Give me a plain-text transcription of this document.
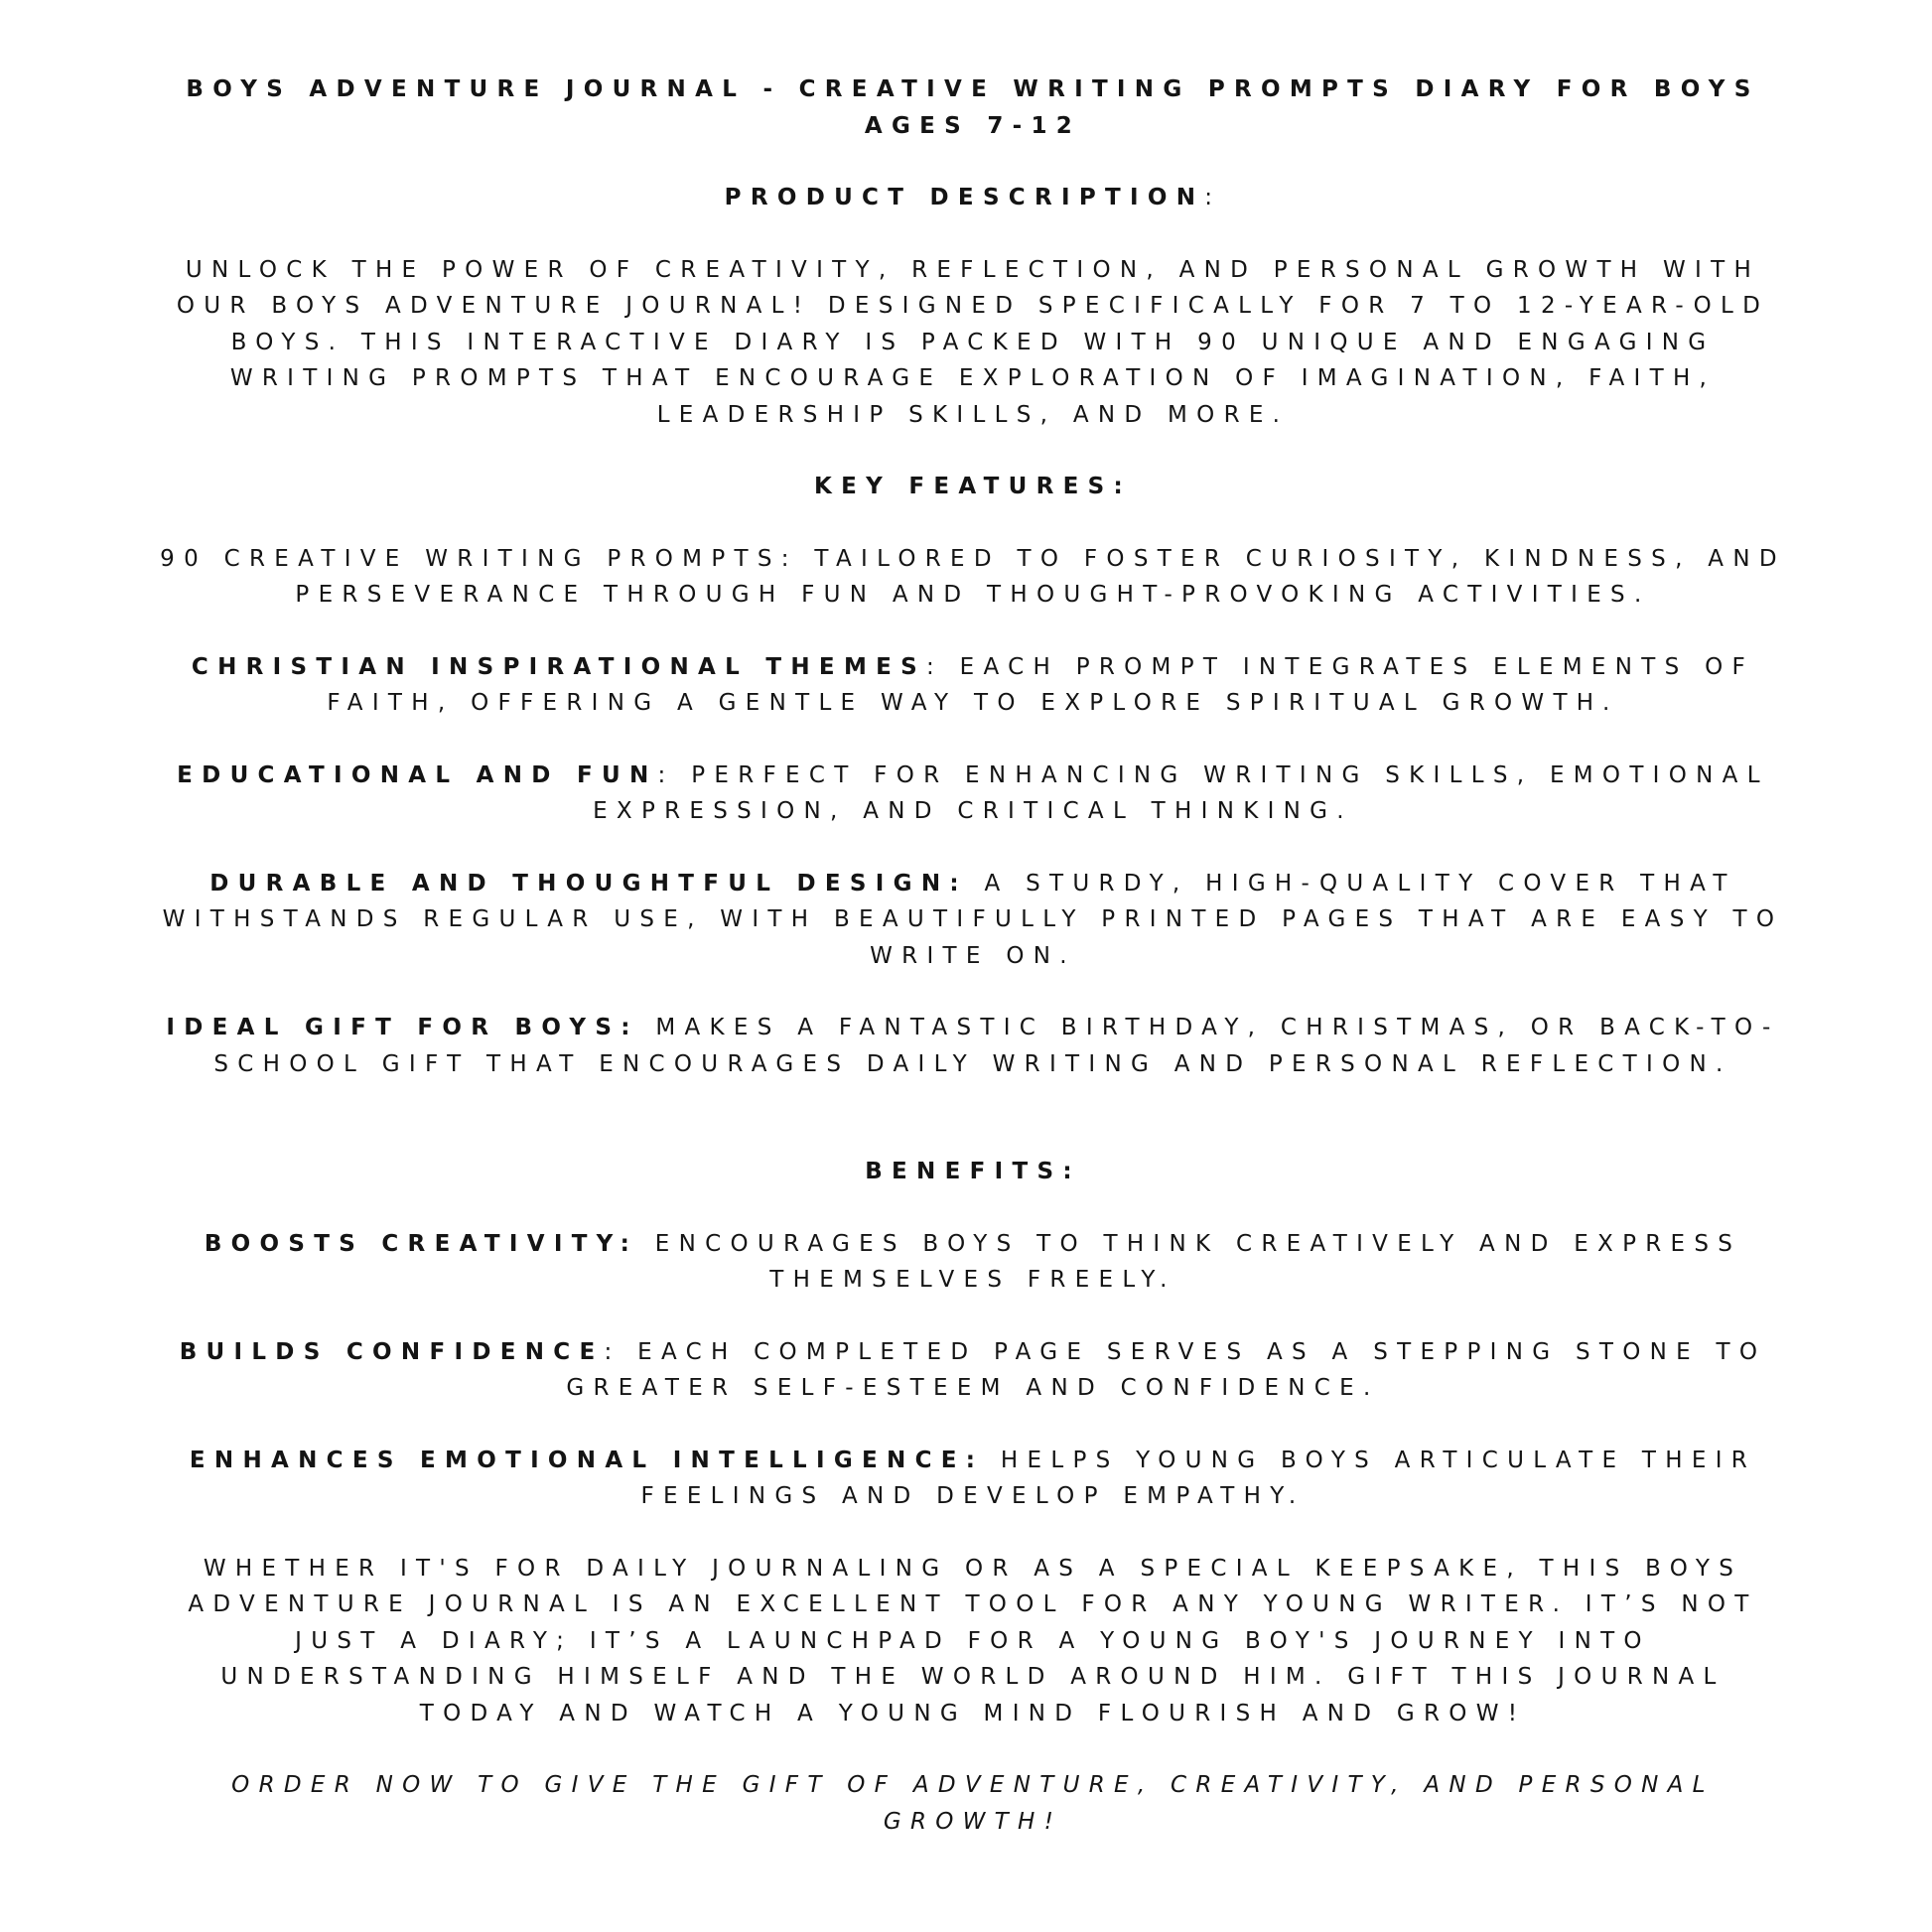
BOYS ADVENTURE JOURNAL - CREATIVE WRITING PROMPTS DIARY FOR BOYS AGES 7-12

PRODUCT DESCRIPTION:

UNLOCK THE POWER OF CREATIVITY, REFLECTION, AND PERSONAL GROWTH WITH OUR BOYS ADVENTURE JOURNAL! DESIGNED SPECIFICALLY FOR 7 TO 12-YEAR-OLD BOYS. THIS INTERACTIVE DIARY IS PACKED WITH 90 UNIQUE AND ENGAGING WRITING PROMPTS THAT ENCOURAGE EXPLORATION OF IMAGINATION, FAITH, LEADERSHIP SKILLS, AND MORE.

KEY FEATURES:

90 CREATIVE WRITING PROMPTS: TAILORED TO FOSTER CURIOSITY, KINDNESS, AND PERSEVERANCE THROUGH FUN AND THOUGHT-PROVOKING ACTIVITIES.

CHRISTIAN INSPIRATIONAL THEMES: EACH PROMPT INTEGRATES ELEMENTS OF FAITH, OFFERING A GENTLE WAY TO EXPLORE SPIRITUAL GROWTH.

EDUCATIONAL AND FUN: PERFECT FOR ENHANCING WRITING SKILLS, EMOTIONAL EXPRESSION, AND CRITICAL THINKING.

DURABLE AND THOUGHTFUL DESIGN: A STURDY, HIGH-QUALITY COVER THAT WITHSTANDS REGULAR USE, WITH BEAUTIFULLY PRINTED PAGES THAT ARE EASY TO WRITE ON.

IDEAL GIFT FOR BOYS: MAKES A FANTASTIC BIRTHDAY, CHRISTMAS, OR BACK-TO-SCHOOL GIFT THAT ENCOURAGES DAILY WRITING AND PERSONAL REFLECTION.

BENEFITS:

BOOSTS CREATIVITY: ENCOURAGES BOYS TO THINK CREATIVELY AND EXPRESS THEMSELVES FREELY.

BUILDS CONFIDENCE: EACH COMPLETED PAGE SERVES AS A STEPPING STONE TO GREATER SELF-ESTEEM AND CONFIDENCE.

ENHANCES EMOTIONAL INTELLIGENCE: HELPS YOUNG BOYS ARTICULATE THEIR FEELINGS AND DEVELOP EMPATHY.

WHETHER IT'S FOR DAILY JOURNALING OR AS A SPECIAL KEEPSAKE, THIS BOYS ADVENTURE JOURNAL IS AN EXCELLENT TOOL FOR ANY YOUNG WRITER. IT’S NOT JUST A DIARY; IT’S A LAUNCHPAD FOR A YOUNG BOY'S JOURNEY INTO UNDERSTANDING HIMSELF AND THE WORLD AROUND HIM. GIFT THIS JOURNAL TODAY AND WATCH A YOUNG MIND FLOURISH AND GROW!

ORDER NOW TO GIVE THE GIFT OF ADVENTURE, CREATIVITY, AND PERSONAL GROWTH!
